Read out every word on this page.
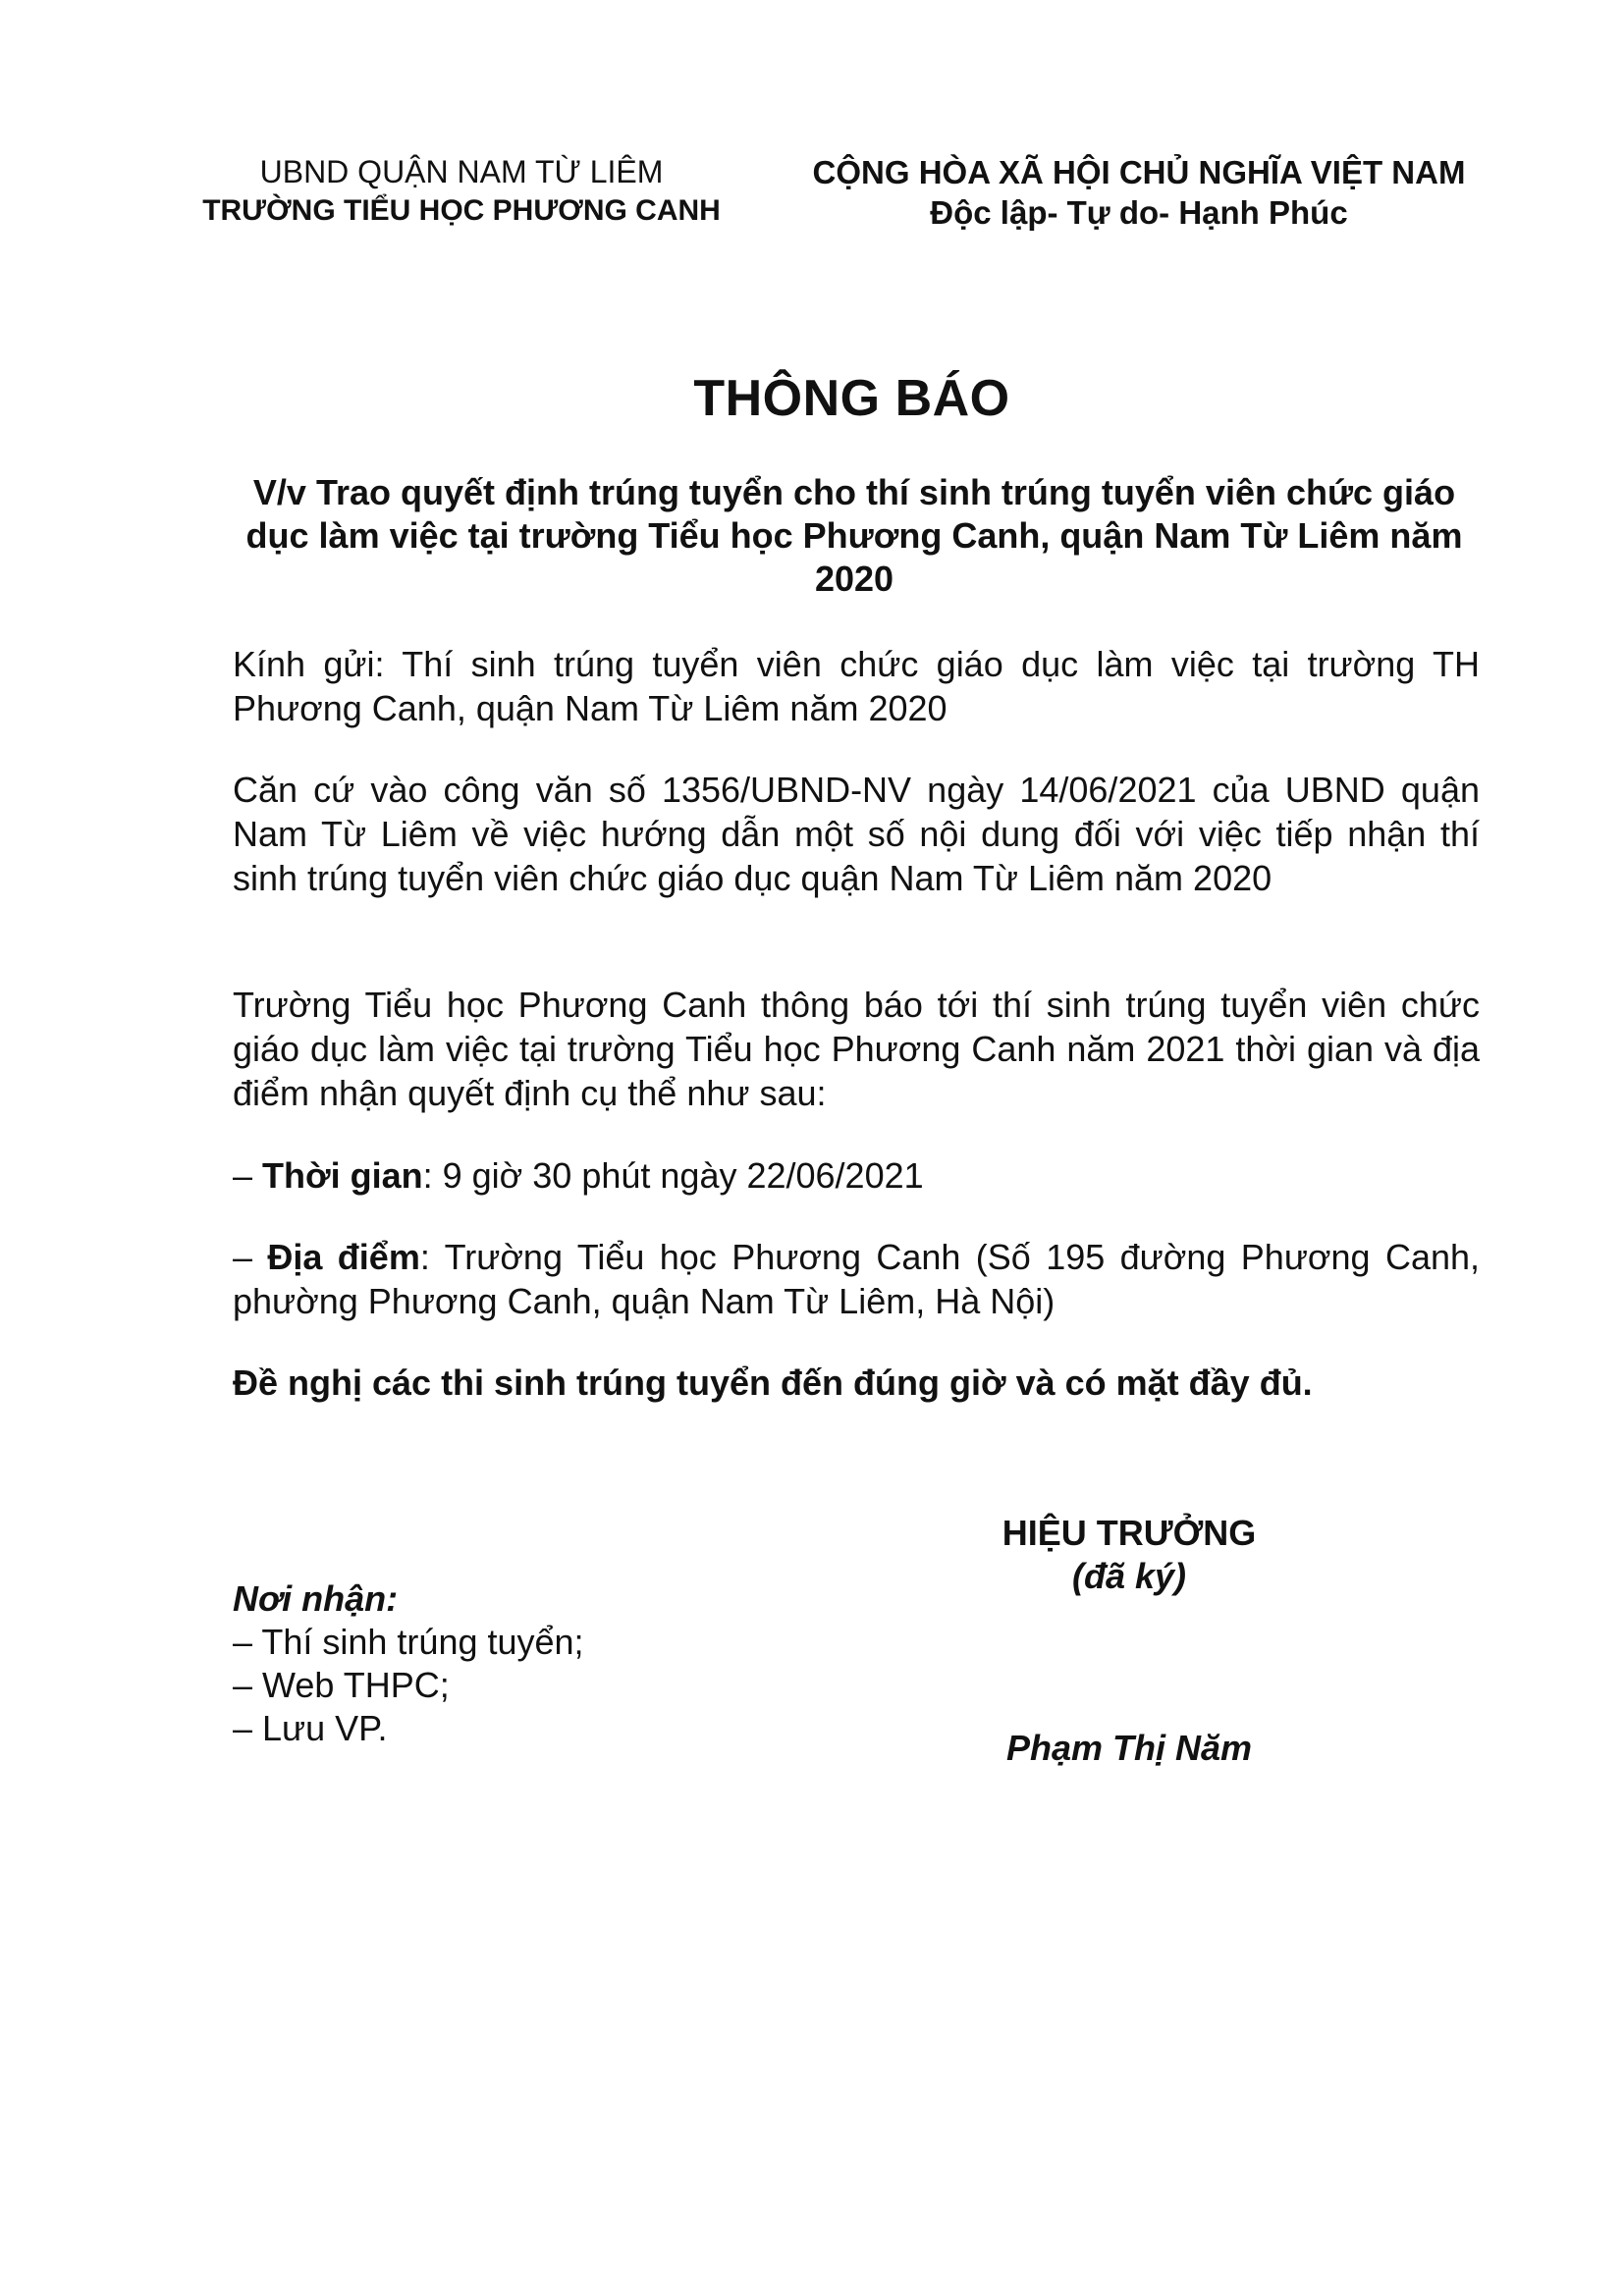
UBND QUẬN NAM TỪ LIÊM
TRƯỜNG TIỂU HỌC PHƯƠNG CANH
CỘNG HÒA XÃ HỘI CHỦ NGHĨA VIỆT NAM
Độc lập- Tự do- Hạnh Phúc
THÔNG BÁO
V/v Trao quyết định trúng tuyển cho thí sinh trúng tuyển viên chức giáo dục làm việc tại trường Tiểu học Phương Canh, quận Nam Từ Liêm năm 2020
Kính gửi: Thí sinh trúng tuyển viên chức giáo dục làm việc tại trường TH Phương Canh, quận Nam Từ Liêm năm 2020
Căn cứ vào công văn số 1356/UBND-NV ngày 14/06/2021 của UBND quận Nam Từ Liêm về việc hướng dẫn một số nội dung đối với việc tiếp nhận thí sinh trúng tuyển viên chức giáo dục quận Nam Từ Liêm năm 2020
Trường Tiểu học Phương Canh thông báo tới thí sinh trúng tuyển viên chức giáo dục làm việc tại trường Tiểu học Phương Canh năm 2021 thời gian và địa điểm nhận quyết định cụ thể như sau:
– Thời gian: 9 giờ 30 phút ngày 22/06/2021
– Địa điểm: Trường Tiểu học Phương Canh (Số 195 đường Phương Canh, phường Phương Canh, quận Nam Từ Liêm, Hà Nội)
Đề nghị các thi sinh trúng tuyển đến đúng giờ và có mặt đầy đủ.
HIỆU TRƯỞNG
(đã ký)
Phạm Thị Năm
Nơi nhận:
– Thí sinh trúng tuyển;
– Web THPC;
– Lưu VP.
